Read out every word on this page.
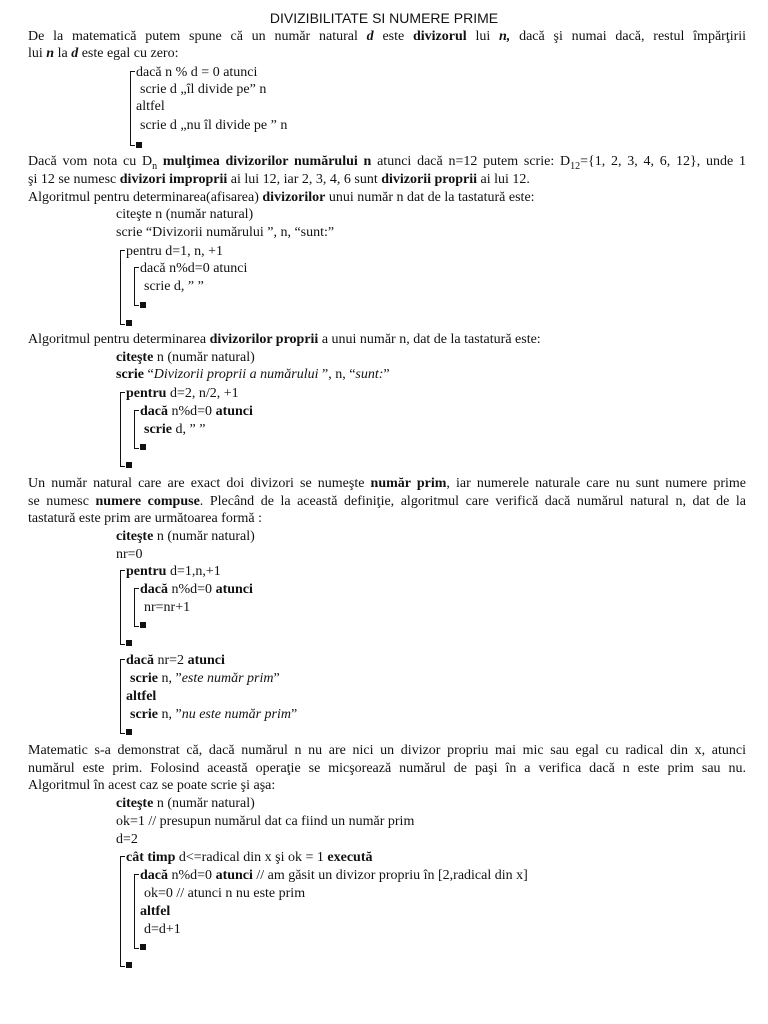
DIVIZIBILITATE SI NUMERE PRIME
De la matematică putem spune că un număr natural d este divizorul lui n, dacă şi numai dacă, restul împărţirii
lui n la d este egal cu zero:
dacă n % d = 0 atunci
scrie d „îl divide pe” n
altfel
scrie d „nu îl divide pe ” n
Dacă vom nota cu $D_n$ mulţimea divizorilor numărului n atunci dacă n=12 putem scrie: $D_{12}=\{1$, 2, 3, 4, 6, 12}, unde 1
şi 12 se numesc divizori improprii ai lui 12, iar 2, 3, 4, 6 sunt divizorii proprii ai lui 12.
Algoritmul pentru determinarea(afisarea) divizorilor unui număr n dat de la tastatură este:
citeşte n (număr natural)
scrie “Divizorii numărului ”, n, “sunt:”
pentru d=1, n, +1
dacă n%d=0 atunci
scrie d, ” ”
Algoritmul pentru determinarea divizorilor proprii a unui număr n, dat de la tastatură este:
citeşte n (număr natural)
scrie “Divizorii proprii a numărului ”, n, “sunt:”
pentru d=2, n/2, +1
dacă n%d=0 atunci
scrie d, ” ”
Un număr natural care are exact doi divizori se numeşte număr prim, iar numerele naturale care nu sunt numere prime
se numesc numere compuse. Plecând de la această definiţie, algoritmul care verifică dacă numărul natural n, dat de la
tastatură este prim are următoarea formă :
citeşte n (număr natural)
nr=0
pentru d=1,n,+1
dacă n%d=0 atunci
nr=nr+1
dacă nr=2 atunci
scrie n, ”este număr prim”
altfel
scrie n, ”nu este număr prim”
Matematic s-a demonstrat că, dacă numărul n nu are nici un divizor propriu mai mic sau egal cu radical din x, atunci
numărul este prim. Folosind această operaţie se micşorează numărul de paşi în a verifica dacă n este prim sau nu.
Algoritmul în acest caz se poate scrie şi aşa:
citeşte n (număr natural)
ok=1 // presupun numărul dat ca fiind un număr prim
d=2
cât timp d<=radical din x şi ok = 1 execută
dacă n%d=0 atunci // am găsit un divizor propriu în [2,radical din x]
ok=0 // atunci n nu este prim
altfel
d=d+1
